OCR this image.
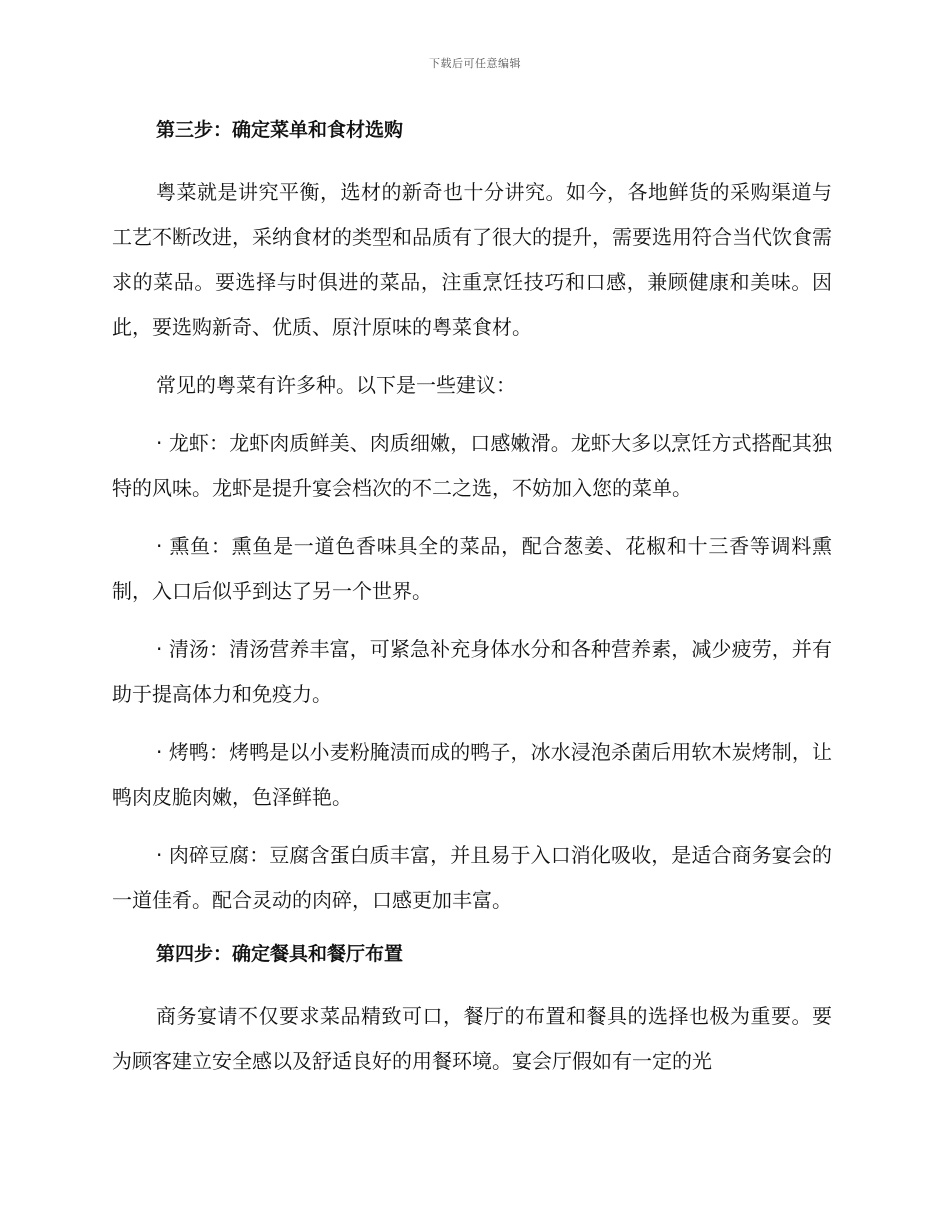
下载后可任意编辑
第三步：确定菜单和食材选购

粤菜就是讲究平衡，选材的新奇也十分讲究。如今，各地鲜货的采购渠道与工艺不断改进，采纳食材的类型和品质有了很大的提升，需要选用符合当代饮食需求的菜品。要选择与时俱进的菜品，注重烹饪技巧和口感，兼顾健康和美味。因此，要选购新奇、优质、原汁原味的粤菜食材。

常见的粤菜有许多种。以下是一些建议：

· 龙虾：龙虾肉质鲜美、肉质细嫩，口感嫩滑。龙虾大多以烹饪方式搭配其独特的风味。龙虾是提升宴会档次的不二之选，不妨加入您的菜单。

· 熏鱼：熏鱼是一道色香味具全的菜品，配合葱姜、花椒和十三香等调料熏制，入口后似乎到达了另一个世界。

· 清汤：清汤营养丰富，可紧急补充身体水分和各种营养素，减少疲劳，并有助于提高体力和免疫力。

· 烤鸭：烤鸭是以小麦粉腌渍而成的鸭子，冰水浸泡杀菌后用软木炭烤制，让鸭肉皮脆肉嫩，色泽鲜艳。

· 肉碎豆腐：豆腐含蛋白质丰富，并且易于入口消化吸收，是适合商务宴会的一道佳肴。配合灵动的肉碎，口感更加丰富。

第四步：确定餐具和餐厅布置

商务宴请不仅要求菜品精致可口，餐厅的布置和餐具的选择也极为重要。要为顾客建立安全感以及舒适良好的用餐环境。宴会厅假如有一定的光
